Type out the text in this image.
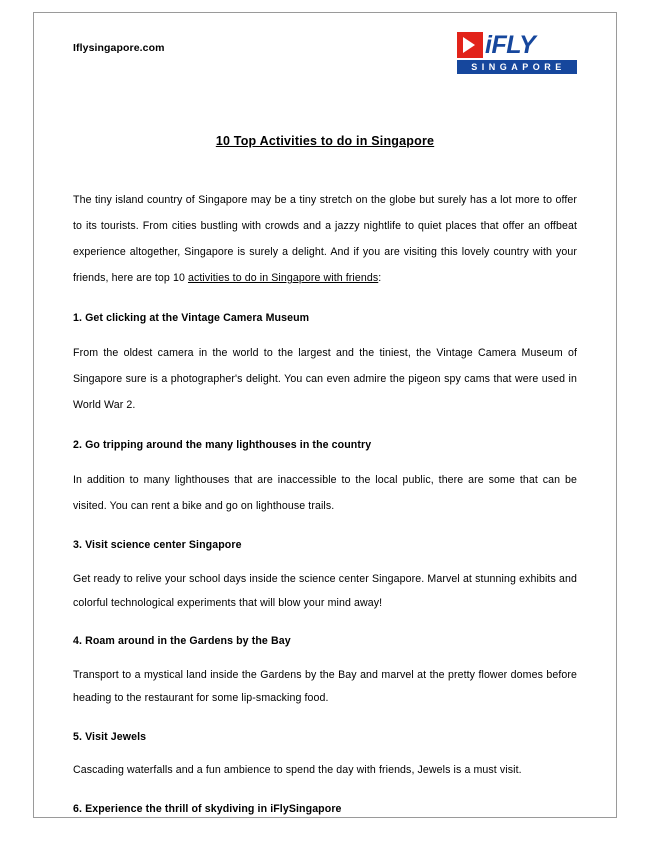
Iflysingapore.com	iFLY
SINGAPORE
10 Top Activities to do in Singapore

The tiny island country of Singapore may be a tiny stretch on the globe but surely has a lot more to offer to its tourists. From cities bustling with crowds and a jazzy nightlife to quiet places that offer an offbeat experience altogether, Singapore is surely a delight. And if you are visiting this lovely country with your friends, here are top 10 activities to do in Singapore with friends:

1. Get clicking at the Vintage Camera Museum

From the oldest camera in the world to the largest and the tiniest, the Vintage Camera Museum of Singapore sure is a photographer's delight. You can even admire the pigeon spy cams that were used in World War 2.

2. Go tripping around the many lighthouses in the country

In addition to many lighthouses that are inaccessible to the local public, there are some that can be visited. You can rent a bike and go on lighthouse trails.

3. Visit science center Singapore

Get ready to relive your school days inside the science center Singapore. Marvel at stunning exhibits and colorful technological experiments that will blow your mind away!

4. Roam around in the Gardens by the Bay

Transport to a mystical land inside the Gardens by the Bay and marvel at the pretty flower domes before heading to the restaurant for some lip-smacking food.

5. Visit Jewels

Cascading waterfalls and a fun ambience to spend the day with friends, Jewels is a must visit.

6. Experience the thrill of skydiving in iFlySingapore
